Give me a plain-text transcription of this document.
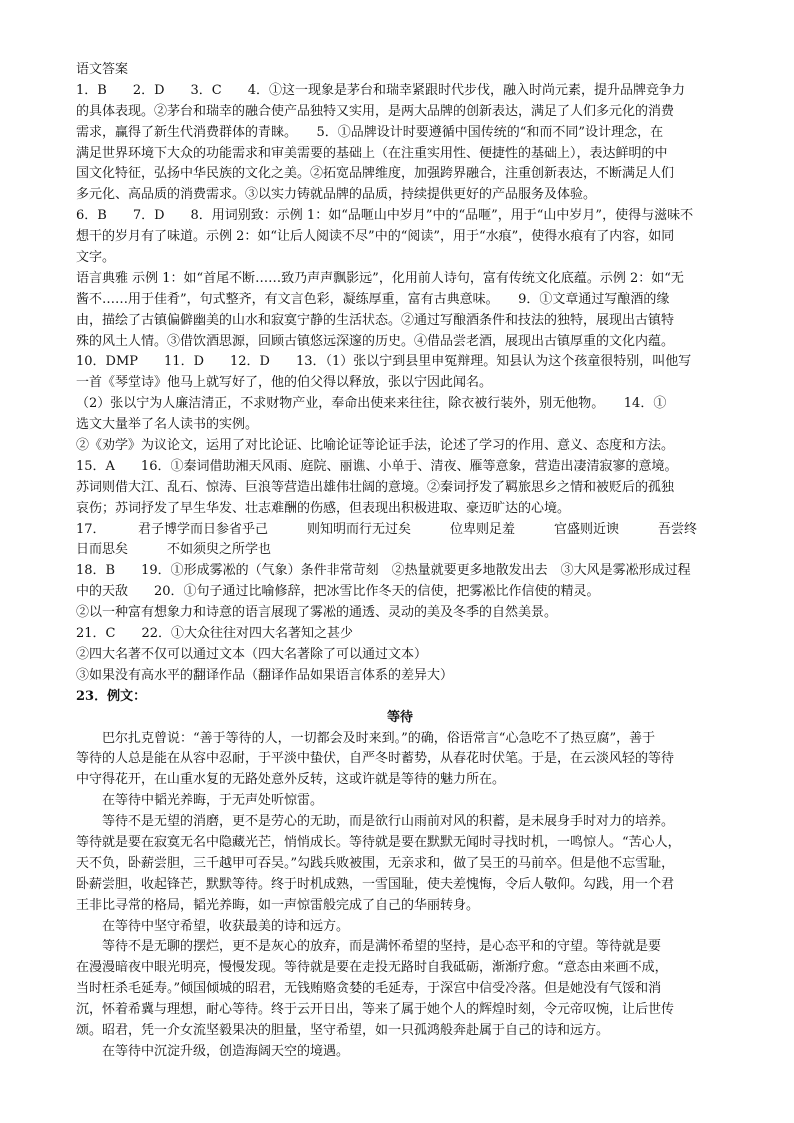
语文答案
1．B　　2．D　　3．C　　4．①这一现象是茅台和瑞幸紧跟时代步伐，融入时尚元素，提升品牌竞争力
的具体表现。②茅台和瑞幸的融合使产品独特又实用，是两大品牌的创新表达，满足了人们多元化的消费
需求，赢得了新生代消费群体的青睐。　　5．①品牌设计时要遵循中国传统的“和而不同”设计理念，在
满足世界环境下大众的功能需求和审美需要的基础上（在注重实用性、便捷性的基础上），表达鲜明的中
国文化特征，弘扬中华民族的文化之美。②拓宽品牌维度，加强跨界融合，注重创新表达，不断满足人们
多元化、高品质的消费需求。③以实力铸就品牌的品质，持续提供更好的产品服务及体验。
6．B　　7．D　　8．用词别致：示例 1：如“品咂山中岁月”中的“品咂”，用于“山中岁月”，使得与滋味不
想干的岁月有了味道。示例 2：如“让后人阅读不尽”中的“阅读”，用于“水痕”，使得水痕有了内容，如同
文字。
语言典雅 示例 1：如“首尾不断……致乃声声飘影远”，化用前人诗句，富有传统文化底蕴。示例 2：如“无
酱不……用于佳肴”，句式整齐，有文言色彩，凝练厚重，富有古典意味。　　9．①文章通过写酿酒的缘
由，描绘了古镇偏僻幽美的山水和寂寞宁静的生活状态。②通过写酿酒条件和技法的独特，展现出古镇特
殊的风土人情。③借饮酒思源，回顾古镇悠远深邃的历史。④借品尝老酒，展现出古镇厚重的文化内蕴。
10．DMP　　11．D　　12．D　　13．（1）张以宁到县里申冤辩理。知县认为这个孩童很特别，叫他写
一首《琴堂诗》他马上就写好了，他的伯父得以释放，张以宁因此闻名。
（2）张以宁为人廉洁清正，不求财物产业，奉命出使来来往往，除衣被行装外，别无他物。　　14．①
选文大量举了名人读书的实例。
②《劝学》为议论文，运用了对比论证、比喻论证等论证手法，论述了学习的作用、意义、态度和方法。
15．A　　16．①秦词借助湘天风雨、庭院、丽谯、小单于、清夜、雁等意象，营造出凄清寂寥的意境。
苏词则借大江、乱石、惊涛、巨浪等营造出雄伟壮阔的意境。②秦词抒发了羁旅思乡之情和被贬后的孤独
哀伤；苏词抒发了早生华发、壮志难酬的伤感，但表现出积极进取、豪迈旷达的心境。
17．　　　君子博学而日参省乎己　　　则知明而行无过矣　　　位卑则足羞　　　官盛则近谀　　　吾尝终
日而思矣　　　不如须臾之所学也
18．B　　19．①形成雾凇的（气象）条件非常苛刻　②热量就要更多地散发出去　③大风是雾凇形成过程
中的天敌　　20．①句子通过比喻修辞，把冰雪比作冬天的信使，把雾凇比作信使的精灵。
②以一种富有想象力和诗意的语言展现了雾凇的通透、灵动的美及冬季的自然美景。
21．C　　22．①大众往往对四大名著知之甚少
②四大名著不仅可以通过文本（四大名著除了可以通过文本）
③如果没有高水平的翻译作品（翻译作品如果语言体系的差异大）
23．例文：
等待
巴尔扎克曾说：“善于等待的人，一切都会及时来到。”的确，俗语常言“心急吃不了热豆腐”，善于
等待的人总是能在从容中忍耐，于平淡中蛰伏，自严冬时蓄势，从春花时伏笔。于是，在云淡风轻的等待
中守得花开，在山重水复的无路处意外反转，这或许就是等待的魅力所在。
在等待中韬光养晦，于无声处听惊雷。
等待不是无望的消磨，更不是劳心的无助，而是欲行山雨前对风的积蓄，是未展身手时对力的培养。
等待就是要在寂寞无名中隐藏光芒，悄悄成长。等待就是要在默默无闻时寻找时机，一鸣惊人。“苦心人，
天不负，卧薪尝胆，三千越甲可吞吴。”勾践兵败被围，无亲求和，做了吴王的马前卒。但是他不忘雪耻，
卧薪尝胆，收起锋芒，默默等待。终于时机成熟，一雪国耻，使夫差愧悔，令后人敬仰。勾践，用一个君
王非比寻常的格局，韬光养晦，如一声惊雷般完成了自己的华丽转身。
在等待中坚守希望，收获最美的诗和远方。
等待不是无聊的摆烂，更不是灰心的放弃，而是满怀希望的坚持，是心态平和的守望。等待就是要
在漫漫暗夜中眼光明亮，慢慢发现。等待就是要在走投无路时自我砥砺，渐渐疗愈。“意态由来画不成，
当时枉杀毛延寿。”倾国倾城的昭君，无钱贿赂贪婪的毛延寿，于深宫中信受冷落。但是她没有气馁和消
沉，怀着希冀与理想，耐心等待。终于云开日出，等来了属于她个人的辉煌时刻，令元帝叹惋，让后世传
颂。昭君，凭一介女流坚毅果决的胆量，坚守希望，如一只孤鸿般奔赴属于自己的诗和远方。
在等待中沉淀升级，创造海阔天空的境遇。
